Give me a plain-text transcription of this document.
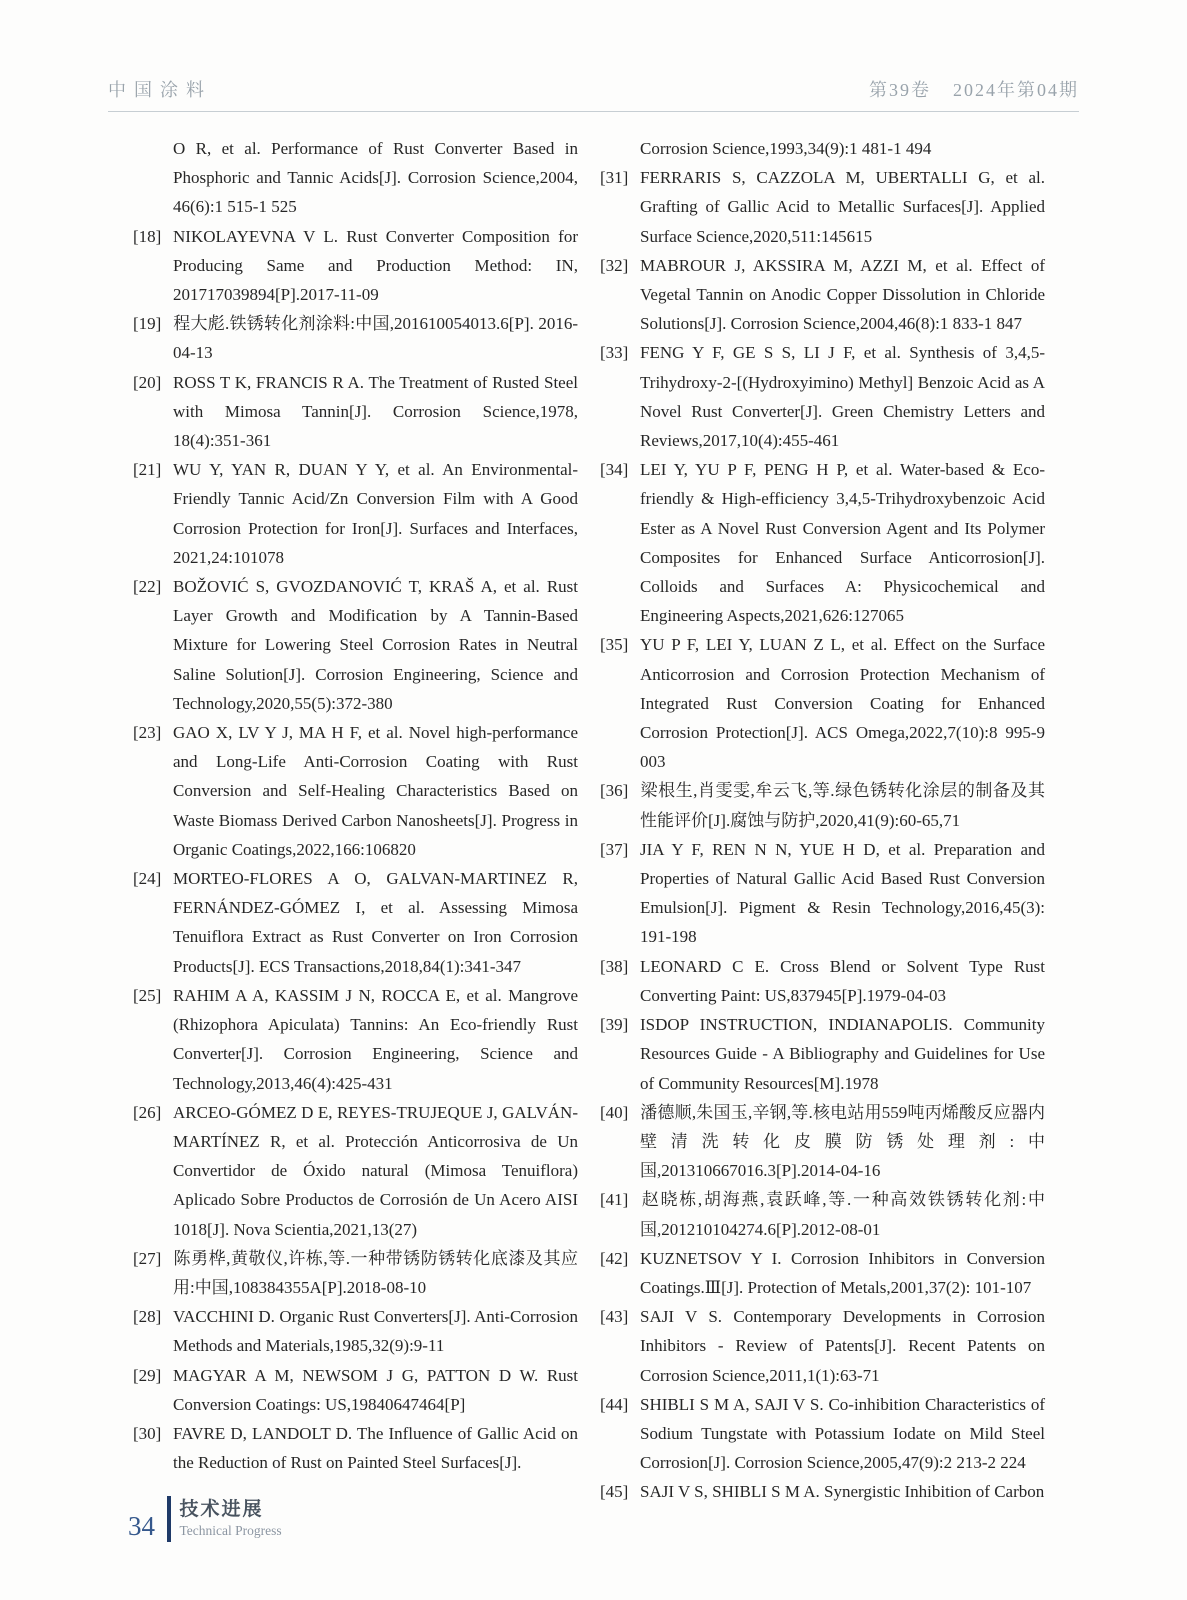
中国涂料	第39卷 2024年第04期

O R, et al. Performance of Rust Converter Based in Phosphoric and Tannic Acids[J]. Corrosion Science,2004, 46(6):1 515-1 525

[18] NIKOLAYEVNA V L. Rust Converter Composition for Producing Same and Production Method: IN, 201717039894[P].2017-11-09

[19] 程大彪.铁锈转化剂涂料:中国,201610054013.6[P]. 2016-04-13

[20] ROSS T K, FRANCIS R A. The Treatment of Rusted Steel with Mimosa Tannin[J]. Corrosion Science,1978, 18(4):351-361

[21] WU Y, YAN R, DUAN Y Y, et al. An Environmental-Friendly Tannic Acid/Zn Conversion Film with A Good Corrosion Protection for Iron[J]. Surfaces and Interfaces, 2021,24:101078

[22] BOŽOVIĆ S, GVOZDANOVIĆ T, KRAŠ A, et al. Rust Layer Growth and Modification by A Tannin-Based Mixture for Lowering Steel Corrosion Rates in Neutral Saline Solution[J]. Corrosion Engineering, Science and Technology,2020,55(5):372-380

[23] GAO X, LV Y J, MA H F, et al. Novel high-performance and Long-Life Anti-Corrosion Coating with Rust Conversion and Self-Healing Characteristics Based on Waste Biomass Derived Carbon Nanosheets[J]. Progress in Organic Coatings,2022,166:106820

[24] MORTEO-FLORES A O, GALVAN-MARTINEZ R, FERNÁNDEZ-GÓMEZ I, et al. Assessing Mimosa Tenuiflora Extract as Rust Converter on Iron Corrosion Products[J]. ECS Transactions,2018,84(1):341-347

[25] RAHIM A A, KASSIM J N, ROCCA E, et al. Mangrove (Rhizophora Apiculata) Tannins: An Eco-friendly Rust Converter[J]. Corrosion Engineering, Science and Technology,2013,46(4):425-431

[26] ARCEO-GÓMEZ D E, REYES-TRUJEQUE J, GALVÁN-MARTÍNEZ R, et al. Protección Anticorrosiva de Un Convertidor de Óxido natural (Mimosa Tenuiflora) Aplicado Sobre Productos de Corrosión de Un Acero AISI 1018[J]. Nova Scientia,2021,13(27)

[27] 陈勇桦,黄敬仪,许栋,等.一种带锈防锈转化底漆及其应用:中国,108384355A[P].2018-08-10

[28] VACCHINI D. Organic Rust Converters[J]. Anti-Corrosion Methods and Materials,1985,32(9):9-11

[29] MAGYAR A M, NEWSOM J G, PATTON D W. Rust Conversion Coatings: US,19840647464[P]

[30] FAVRE D, LANDOLT D. The Influence of Gallic Acid on the Reduction of Rust on Painted Steel Surfaces[J].

Corrosion Science,1993,34(9):1 481-1 494

[31] FERRARIS S, CAZZOLA M, UBERTALLI G, et al. Grafting of Gallic Acid to Metallic Surfaces[J]. Applied Surface Science,2020,511:145615

[32] MABROUR J, AKSSIRA M, AZZI M, et al. Effect of Vegetal Tannin on Anodic Copper Dissolution in Chloride Solutions[J]. Corrosion Science,2004,46(8):1 833-1 847

[33] FENG Y F, GE S S, LI J F, et al. Synthesis of 3,4,5-Trihydroxy-2-[(Hydroxyimino) Methyl] Benzoic Acid as A Novel Rust Converter[J]. Green Chemistry Letters and Reviews,2017,10(4):455-461

[34] LEI Y, YU P F, PENG H P, et al. Water-based & Eco-friendly & High-efficiency 3,4,5-Trihydroxybenzoic Acid Ester as A Novel Rust Conversion Agent and Its Polymer Composites for Enhanced Surface Anticorrosion[J]. Colloids and Surfaces A: Physicochemical and Engineering Aspects,2021,626:127065

[35] YU P F, LEI Y, LUAN Z L, et al. Effect on the Surface Anticorrosion and Corrosion Protection Mechanism of Integrated Rust Conversion Coating for Enhanced Corrosion Protection[J]. ACS Omega,2022,7(10):8 995-9 003

[36] 梁根生,肖雯雯,牟云飞,等.绿色锈转化涂层的制备及其性能评价[J].腐蚀与防护,2020,41(9):60-65,71

[37] JIA Y F, REN N N, YUE H D, et al. Preparation and Properties of Natural Gallic Acid Based Rust Conversion Emulsion[J]. Pigment & Resin Technology,2016,45(3): 191-198

[38] LEONARD C E. Cross Blend or Solvent Type Rust Converting Paint: US,837945[P].1979-04-03

[39] ISDOP INSTRUCTION, INDIANAPOLIS. Community Resources Guide - A Bibliography and Guidelines for Use of Community Resources[M].1978

[40] 潘德顺,朱国玉,辛钢,等.核电站用559吨丙烯酸反应器内壁清洗转化皮膜防锈处理剂:中国,201310667016.3[P].2014-04-16

[41] 赵晓栋,胡海燕,袁跃峰,等.一种高效铁锈转化剂:中国,201210104274.6[P].2012-08-01

[42] KUZNETSOV Y I. Corrosion Inhibitors in Conversion Coatings.Ⅲ[J]. Protection of Metals,2001,37(2): 101-107

[43] SAJI V S. Contemporary Developments in Corrosion Inhibitors - Review of Patents[J]. Recent Patents on Corrosion Science,2011,1(1):63-71

[44] SHIBLI S M A, SAJI V S. Co-inhibition Characteristics of Sodium Tungstate with Potassium Iodate on Mild Steel Corrosion[J]. Corrosion Science,2005,47(9):2 213-2 224

[45] SAJI V S, SHIBLI S M A. Synergistic Inhibition of Carbon

34
技术进展
Technical Progress
